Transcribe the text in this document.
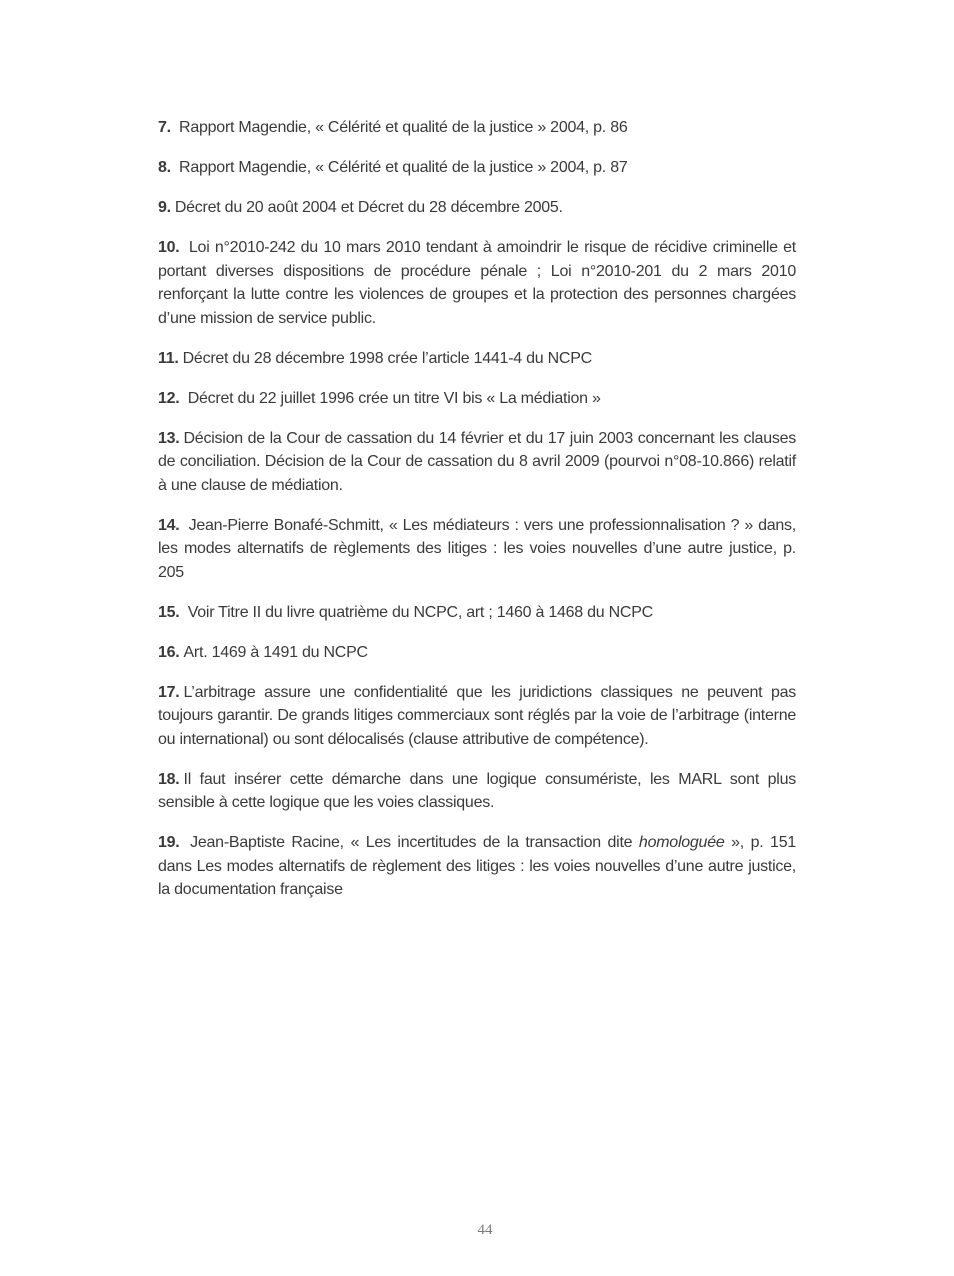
7. Rapport Magendie, « Célérité et qualité de la justice » 2004, p. 86

8. Rapport Magendie, « Célérité et qualité de la justice » 2004, p. 87

9. Décret du 20 août 2004 et Décret du 28 décembre 2005.

10. Loi n°2010-242 du 10 mars 2010 tendant à amoindrir le risque de récidive criminelle et portant diverses dispositions de procédure pénale ; Loi n°2010-201 du 2 mars 2010 renforçant la lutte contre les violences de groupes et la protection des personnes chargées d’une mission de service public.

11. Décret du 28 décembre 1998 crée l’article 1441-4 du NCPC

12. Décret du 22 juillet 1996 crée un titre VI bis « La médiation »

13. Décision de la Cour de cassation du 14 février et du 17 juin 2003 concernant les clauses de conciliation. Décision de la Cour de cassation du 8 avril 2009 (pourvoi n°08-10.866) relatif à une clause de médiation.

14. Jean-Pierre Bonafé-Schmitt, « Les médiateurs : vers une professionnalisation ? » dans, les modes alternatifs de règlements des litiges : les voies nouvelles d’une autre justice, p. 205

15. Voir Titre II du livre quatrième du NCPC, art ; 1460 à 1468 du NCPC

16. Art. 1469 à 1491 du NCPC

17. L’arbitrage assure une confidentialité que les juridictions classiques ne peuvent pas toujours garantir. De grands litiges commerciaux sont réglés par la voie de l’arbitrage (interne ou international) ou sont délocalisés (clause attributive de compétence).

18. Il faut insérer cette démarche dans une logique consumériste, les MARL sont plus sensible à cette logique que les voies classiques.

19. Jean-Baptiste Racine, « Les incertitudes de la transaction dite homologuée », p. 151 dans Les modes alternatifs de règlement des litiges : les voies nouvelles d’une autre justice, la documentation française

44
